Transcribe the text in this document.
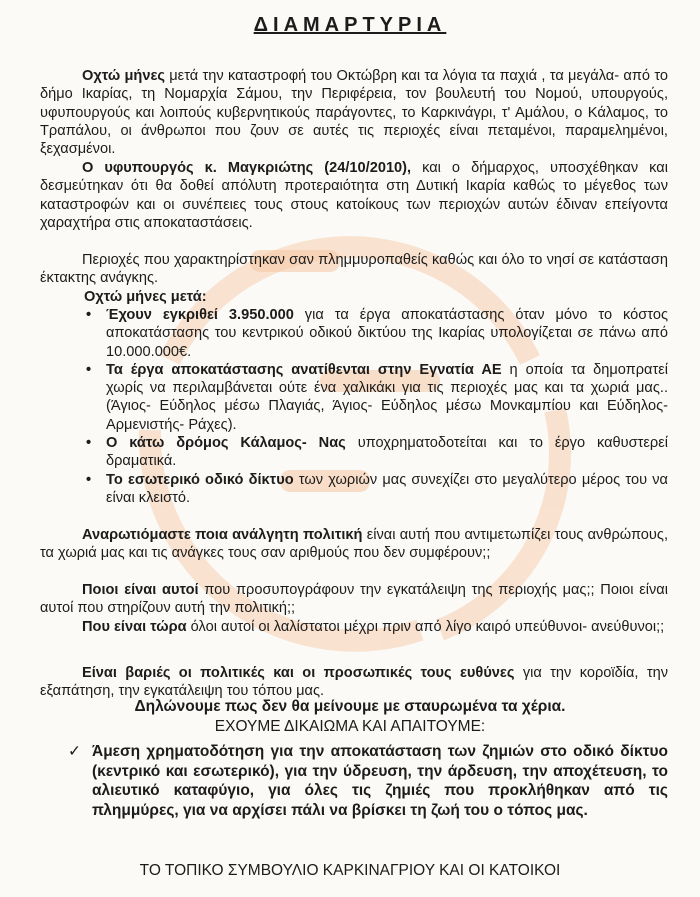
ΔΙΑΜΑΡΤΥΡΙΑ
Οχτώ μήνες μετά την καταστροφή του Οκτώβρη και τα λόγια τα παχιά , τα μεγάλα- από το δήμο Ικαρίας, τη Νομαρχία Σάμου, την Περιφέρεια, τον βουλευτή του Νομού, υπουργούς, υφυπουργούς και λοιπούς κυβερνητικούς παράγοντες, το Καρκινάγρι, τ' Αμάλου, ο Κάλαμος, το Τραπάλου, οι άνθρωποι που ζουν σε αυτές τις περιοχές είναι πεταμένοι, παραμελημένοι, ξεχασμένοι.
Ο υφυπουργός κ. Μαγκριώτης (24/10/2010), και ο δήμαρχος, υποσχέθηκαν και δεσμεύτηκαν ότι θα δοθεί απόλυτη προτεραιότητα στη Δυτική Ικαρία καθώς το μέγεθος των καταστροφών και οι συνέπειες τους στους κατοίκους των περιοχών αυτών έδιναν επείγοντα χαραχτήρα στις αποκαταστάσεις.
Περιοχές που χαρακτηρίστηκαν σαν πλημμυροπαθείς καθώς και όλο το νησί σε κατάσταση έκτακτης ανάγκης.
Οχτώ μήνες μετά:
• Έχουν εγκριθεί 3.950.000 για τα έργα αποκατάστασης όταν μόνο το κόστος αποκατάστασης του κεντρικού οδικού δικτύου της Ικαρίας υπολογίζεται σε πάνω από 10.000.000€.
• Τα έργα αποκατάστασης ανατίθενται στην Εγνατία ΑΕ η οποία τα δημοπρατεί χωρίς να περιλαμβάνεται ούτε ένα χαλικάκι για τις περιοχές μας και τα χωριά μας.. (Άγιος- Εύδηλος μέσω Πλαγιάς, Άγιος- Εύδηλος μέσω Μονκαμπίου και Εύδηλος- Αρμενιστής- Ράχες).
• Ο κάτω δρόμος Κάλαμος- Νας υποχρηματοδοτείται και το έργο καθυστερεί δραματικά.
• Το εσωτερικό οδικό δίκτυο των χωριών μας συνεχίζει στο μεγαλύτερο μέρος του να είναι κλειστό.
Αναρωτιόμαστε ποια ανάλγητη πολιτική είναι αυτή που αντιμετωπίζει τους ανθρώπους, τα χωριά μας και τις ανάγκες τους σαν αριθμούς που δεν συμφέρουν;;
Ποιοι είναι αυτοί που προσυπογράφουν την εγκατάλειψη της περιοχής μας;; Ποιοι είναι αυτοί που στηρίζουν αυτή την πολιτική;;
Που είναι τώρα όλοι αυτοί οι λαλίστατοι μέχρι πριν από λίγο καιρό υπεύθυνοι- ανεύθυνοι;;
Είναι βαριές οι πολιτικές και οι προσωπικές τους ευθύνες για την κοροϊδία, την εξαπάτηση, την εγκατάλειψη του τόπου μας.
Δηλώνουμε πως δεν θα μείνουμε με σταυρωμένα τα χέρια.
ΕΧΟΥΜΕ ΔΙΚΑΙΩΜΑ ΚΑΙ ΑΠΑΙΤΟΥΜΕ:
✓ Άμεση χρηματοδότηση για την αποκατάσταση των ζημιών στο οδικό δίκτυο (κεντρικό και εσωτερικό), για την ύδρευση, την άρδευση, την αποχέτευση, το αλιευτικό καταφύγιο, για όλες τις ζημιές που προκλήθηκαν από τις πλημμύρες, για να αρχίσει πάλι να βρίσκει τη ζωή του ο τόπος μας.
ΤΟ ΤΟΠΙΚΟ ΣΥΜΒΟΥΛΙΟ ΚΑΡΚΙΝΑΓΡΙΟΥ ΚΑΙ ΟΙ ΚΑΤΟΙΚΟΙ
